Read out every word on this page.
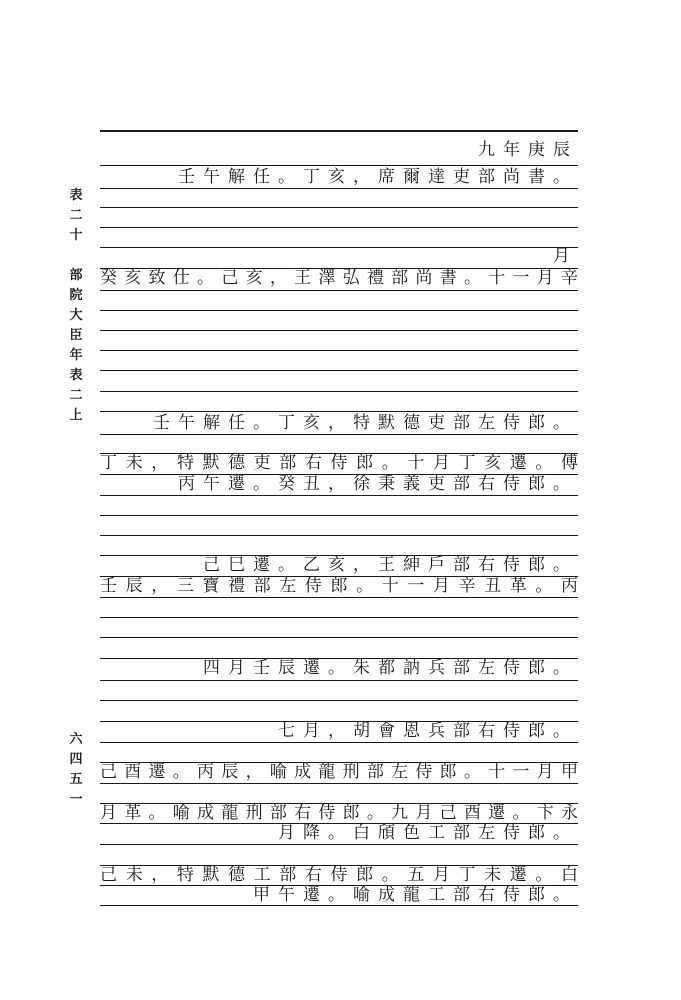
表
二
十
部
院
大
臣
年
表
二
上
六
四
五
一
九年庚辰
壬午解任。丁亥，席爾達吏部尚書。
月
癸亥致仕。己亥，王澤弘禮部尚書。十一月辛
壬午解任。丁亥，特默德吏部左侍郎。
丁未，特默德吏部右侍郎。十月丁亥遷。傅
丙午遷。癸丑，徐秉義吏部右侍郎。
己巳遷。乙亥，王紳戶部右侍郎。
壬辰，三寶禮部左侍郎。十一月辛丑革。丙
四月壬辰遷。朱都訥兵部左侍郎。
七月，胡會恩兵部右侍郎。
己酉遷。丙辰，喻成龍刑部左侍郎。十一月甲
月革。喻成龍刑部右侍郎。九月己酉遷。卞永
月降。白頎色工部左侍郎。
己未，特默德工部右侍郎。五月丁未遷。白
甲午遷。喻成龍工部右侍郎。
